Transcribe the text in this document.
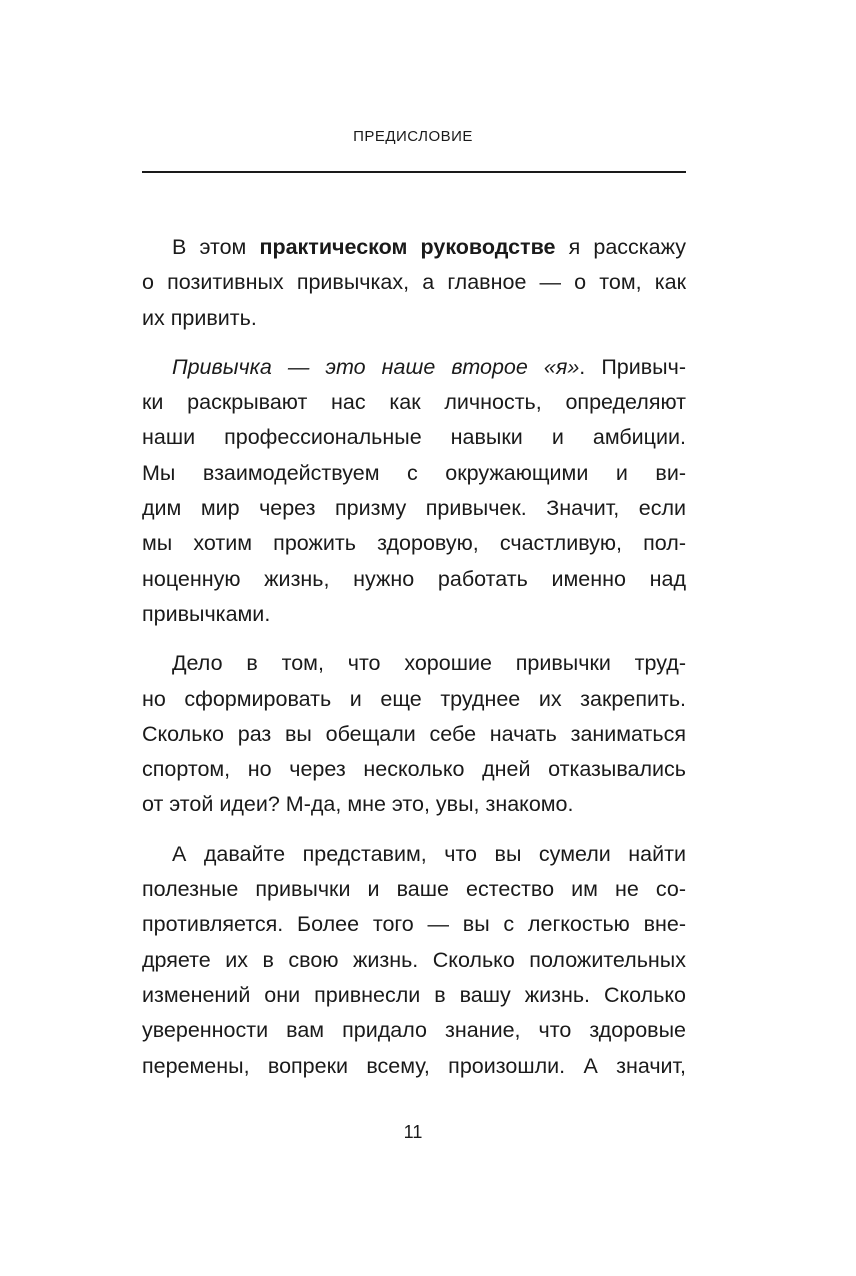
ПРЕДИСЛОВИЕ
В этом практическом руководстве я расскажу
о позитивных привычках, а главное — о том, как
их привить.
Привычка — это наше второе «я». Привыч-
ки раскрывают нас как личность, определяют
наши профессиональные навыки и амбиции.
Мы взаимодействуем с окружающими и ви-
дим мир через призму привычек. Значит, если
мы хотим прожить здоровую, счастливую, пол-
ноценную жизнь, нужно работать именно над
привычками.
Дело в том, что хорошие привычки труд-
но сформировать и еще труднее их закрепить.
Сколько раз вы обещали себе начать заниматься
спортом, но через несколько дней отказывались
от этой идеи? М-да, мне это, увы, знакомо.
А давайте представим, что вы сумели найти
полезные привычки и ваше естество им не со-
противляется. Более того — вы с легкостью вне-
дряете их в свою жизнь. Сколько положительных
изменений они привнесли в вашу жизнь. Сколько
уверенности вам придало знание, что здоровые
перемены, вопреки всему, произошли. А значит,
11
